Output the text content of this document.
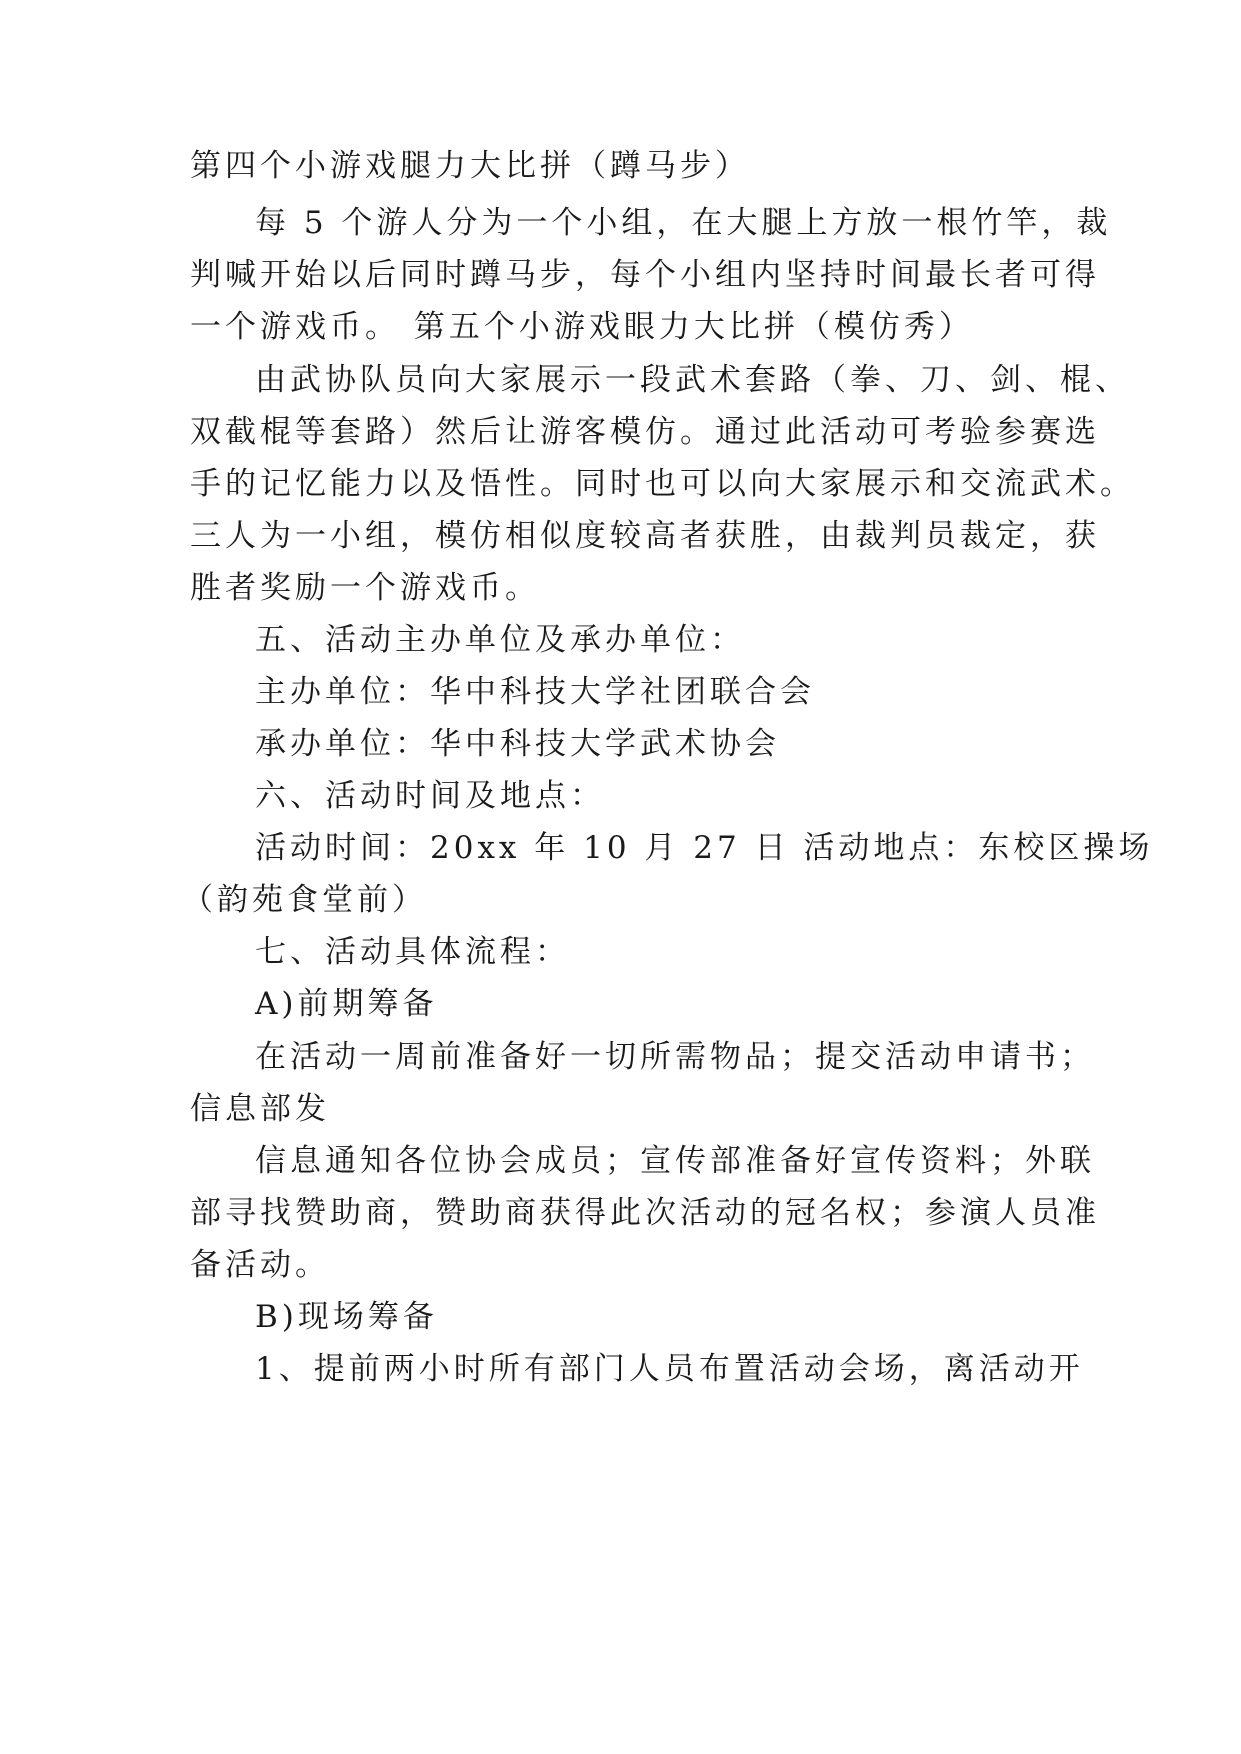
第四个小游戏腿力大比拼（蹲马步）
每 5 个游人分为一个小组，在大腿上方放一根竹竿，裁
判喊开始以后同时蹲马步，每个小组内坚持时间最长者可得
一个游戏币。 第五个小游戏眼力大比拼（模仿秀）
由武协队员向大家展示一段武术套路（拳、刀、剑、棍、
双截棍等套路）然后让游客模仿。通过此活动可考验参赛选
手的记忆能力以及悟性。同时也可以向大家展示和交流武术。
三人为一小组，模仿相似度较高者获胜，由裁判员裁定，获
胜者奖励一个游戏币。
五、活动主办单位及承办单位：
主办单位：华中科技大学社团联合会
承办单位：华中科技大学武术协会
六、活动时间及地点：
活动时间：20xx 年 10 月 27 日 活动地点：东校区操场
（韵苑食堂前）
七、活动具体流程：
A)前期筹备
在活动一周前准备好一切所需物品；提交活动申请书；
信息部发
信息通知各位协会成员；宣传部准备好宣传资料；外联
部寻找赞助商，赞助商获得此次活动的冠名权；参演人员准
备活动。
B)现场筹备
1、提前两小时所有部门人员布置活动会场，离活动开
